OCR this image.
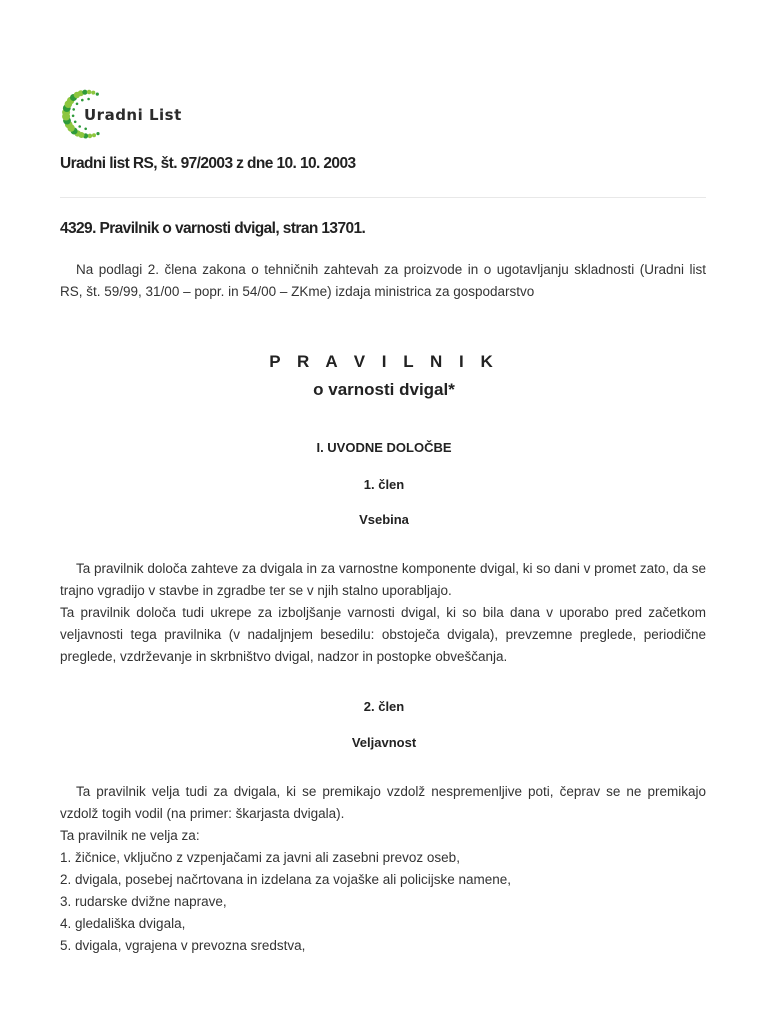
Uradni List
Uradni list RS, št. 97/2003 z dne 10. 10. 2003
4329. Pravilnik o varnosti dvigal, stran 13701.

Na podlagi 2. člena zakona o tehničnih zahtevah za proizvode in o ugotavljanju skladnosti (Uradni list RS, št. 59/99, 31/00 – popr. in 54/00 – ZKme) izdaja ministrica za gospodarstvo

P R A V I L N I K
o varnosti dvigal*
I. UVODNE DOLOČBE
1. člen
Vsebina

Ta pravilnik določa zahteve za dvigala in za varnostne komponente dvigal, ki so dani v promet zato, da se trajno vgradijo v stavbe in zgradbe ter se v njih stalno uporabljajo.

Ta pravilnik določa tudi ukrepe za izboljšanje varnosti dvigal, ki so bila dana v uporabo pred začetkom veljavnosti tega pravilnika (v nadaljnjem besedilu: obstoječa dvigala), prevzemne preglede, periodične preglede, vzdrževanje in skrbništvo dvigal, nadzor in postopke obveščanja.

2. člen
Veljavnost

Ta pravilnik velja tudi za dvigala, ki se premikajo vzdolž nespremenljive poti, čeprav se ne premikajo vzdolž togih vodil (na primer: škarjasta dvigala).

Ta pravilnik ne velja za:

1. žičnice, vključno z vzpenjačami za javni ali zasebni prevoz oseb,

2. dvigala, posebej načrtovana in izdelana za vojaške ali policijske namene,

3. rudarske dvižne naprave,

4. gledališka dvigala,

5. dvigala, vgrajena v prevozna sredstva,
